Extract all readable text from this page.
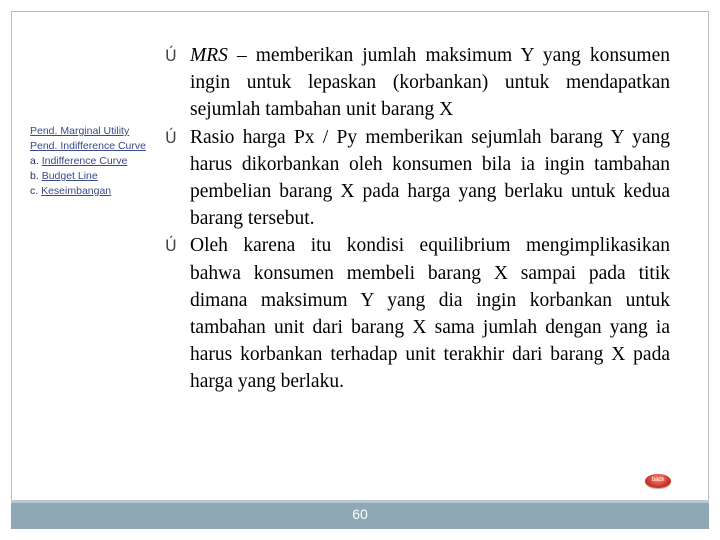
Pend. Marginal Utility
Pend. Indifference Curve
a. Indifference Curve
b. Budget Line
c. Keseimbangan
Ú MRS – memberikan jumlah maksimum Y yang konsumen ingin untuk lepaskan (korbankan) untuk mendapatkan sejumlah tambahan unit barang X
Ú Rasio harga Px / Py memberikan sejumlah barang Y yang harus dikorbankan oleh konsumen bila ia ingin tambahan pembelian barang X pada harga yang berlaku untuk kedua barang tersebut.
Ú Oleh karena itu kondisi equilibrium mengimplikasikan bahwa konsumen membeli barang X sampai pada titik dimana maksimum Y yang dia ingin korbankan untuk tambahan unit dari barang X sama jumlah dengan yang ia harus korbankan terhadap unit terakhir dari barang X pada harga yang berlaku.
back
60
